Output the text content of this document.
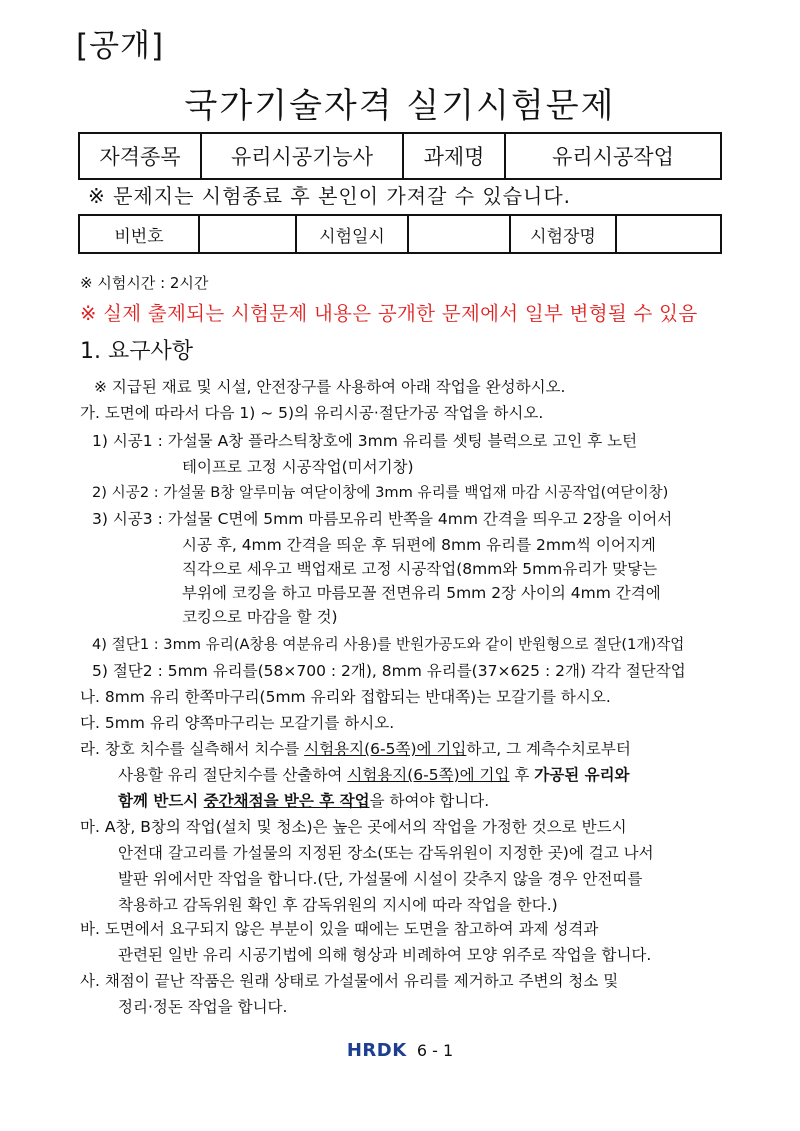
[공개]
국가기술자격 실기시험문제
자격종목	유리시공기능사	과제명	유리시공작업
※ 문제지는 시험종료 후 본인이 가져갈 수 있습니다.
비번호		시험일시		시험장명	
※ 시험시간 : 2시간
※ 실제 출제되는 시험문제 내용은 공개한 문제에서 일부 변형될 수 있음
1. 요구사항
※ 지급된 재료 및 시설, 안전장구를 사용하여 아래 작업을 완성하시오.
가. 도면에 따라서 다음 1) ~ 5)의 유리시공·절단가공 작업을 하시오.
1) 시공1 : 가설물 A창 플라스틱창호에 3mm 유리를 셋팅 블럭으로 고인 후 노턴
테이프로 고정 시공작업(미서기창)
2) 시공2 : 가설물 B창 알루미늄 여닫이창에 3mm 유리를 백업재 마감 시공작업(여닫이창)
3) 시공3 : 가설물 C면에 5mm 마름모유리 반쪽을 4mm 간격을 띄우고 2장을 이어서
시공 후, 4mm 간격을 띄운 후 뒤편에 8mm 유리를 2mm씩 이어지게
직각으로 세우고 백업재로 고정 시공작업(8mm와 5mm유리가 맞닿는
부위에 코킹을 하고 마름모꼴 전면유리 5mm 2장 사이의 4mm 간격에
코킹으로 마감을 할 것)
4) 절단1 : 3mm 유리(A창용 여분유리 사용)를 반원가공도와 같이 반원형으로 절단(1개)작업
5) 절단2 : 5mm 유리를(58×700 : 2개), 8mm 유리를(37×625 : 2개) 각각 절단작업
나. 8mm 유리 한쪽마구리(5mm 유리와 접합되는 반대쪽)는 모갈기를 하시오.
다. 5mm 유리 양쪽마구리는 모갈기를 하시오.
라. 창호 치수를 실측해서 치수를 시험용지(6-5쪽)에 기입하고, 그 계측수치로부터
사용할 유리 절단치수를 산출하여 시험용지(6-5쪽)에 기입 후 가공된 유리와
함께 반드시 중간채점을 받은 후 작업을 하여야 합니다.
마. A창, B창의 작업(설치 및 청소)은 높은 곳에서의 작업을 가정한 것으로 반드시
안전대 갈고리를 가설물의 지정된 장소(또는 감독위원이 지정한 곳)에 걸고 나서
발판 위에서만 작업을 합니다.(단, 가설물에 시설이 갖추지 않을 경우 안전띠를
착용하고 감독위원 확인 후 감독위원의 지시에 따라 작업을 한다.)
바. 도면에서 요구되지 않은 부분이 있을 때에는 도면을 참고하여 과제 성격과
관련된 일반 유리 시공기법에 의해 형상과 비례하여 모양 위주로 작업을 합니다.
사. 채점이 끝난 작품은 원래 상태로 가설물에서 유리를 제거하고 주변의 청소 및
정리·정돈 작업을 합니다.
HRDK 6 - 1
